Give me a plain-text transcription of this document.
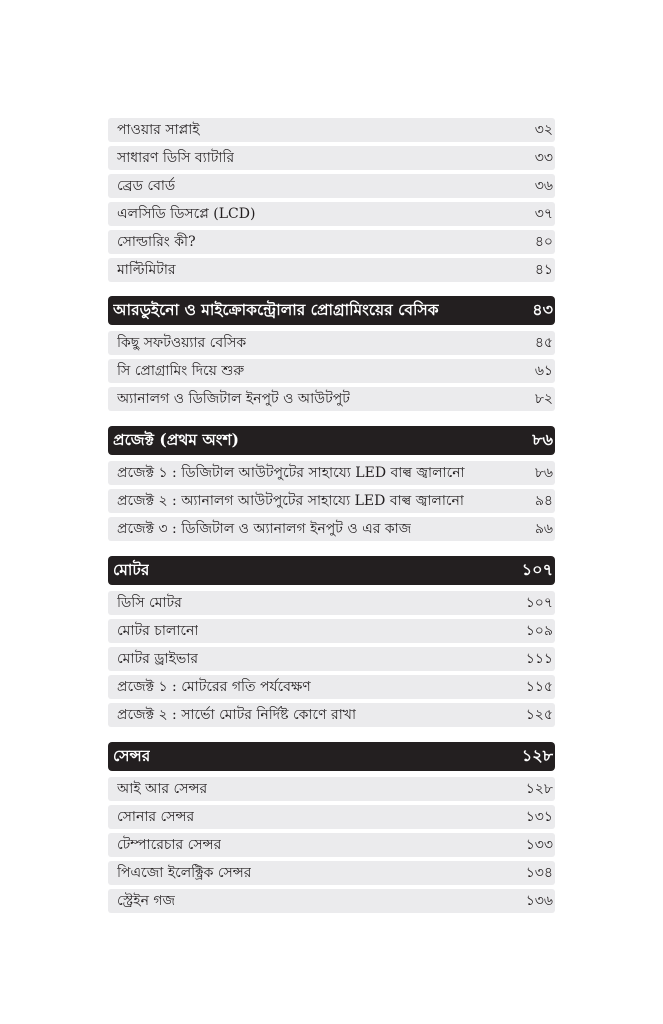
পাওয়ার সাপ্লাই	৩২
সাধারণ ডিসি ব্যাটারি	৩৩
ব্রেড বোর্ড	৩৬
এলসিডি ডিসপ্লে (LCD)	৩৭
সোল্ডারিং কী?	৪০
মাল্টিমিটার	৪১
আরডুইনো ও মাইক্রোকন্ট্রোলার প্রোগ্রামিংয়ের বেসিক	৪৩
কিছু সফটওয়্যার বেসিক	৪৫
সি প্রোগ্রামিং দিয়ে শুরু	৬১
অ্যানালগ ও ডিজিটাল ইনপুট ও আউটপুট	৮২
প্রজেক্ট (প্রথম অংশ)	৮৬
প্রজেক্ট ১ : ডিজিটাল আউটপুটের সাহায্যে LED বাল্ব জ্বালানো	৮৬
প্রজেক্ট ২ : অ্যানালগ আউটপুটের সাহায্যে LED বাল্ব জ্বালানো	৯৪
প্রজেক্ট ৩ : ডিজিটাল ও অ্যানালগ ইনপুট ও এর কাজ	৯৬
মোটর	১০৭
ডিসি মোটর	১০৭
মোটর চালানো	১০৯
মোটর ড্রাইভার	১১১
প্রজেক্ট ১ : মোটরের গতি পর্যবেক্ষণ	১১৫
প্রজেক্ট ২ : সার্ভো মোটর নির্দিষ্ট কোণে রাখা	১২৫
সেন্সর	১২৮
আই আর সেন্সর	১২৮
সোনার সেন্সর	১৩১
টেম্পারেচার সেন্সর	১৩৩
পিএজো ইলেক্ট্রিক সেন্সর	১৩৪
স্ট্রেইন গজ	১৩৬
